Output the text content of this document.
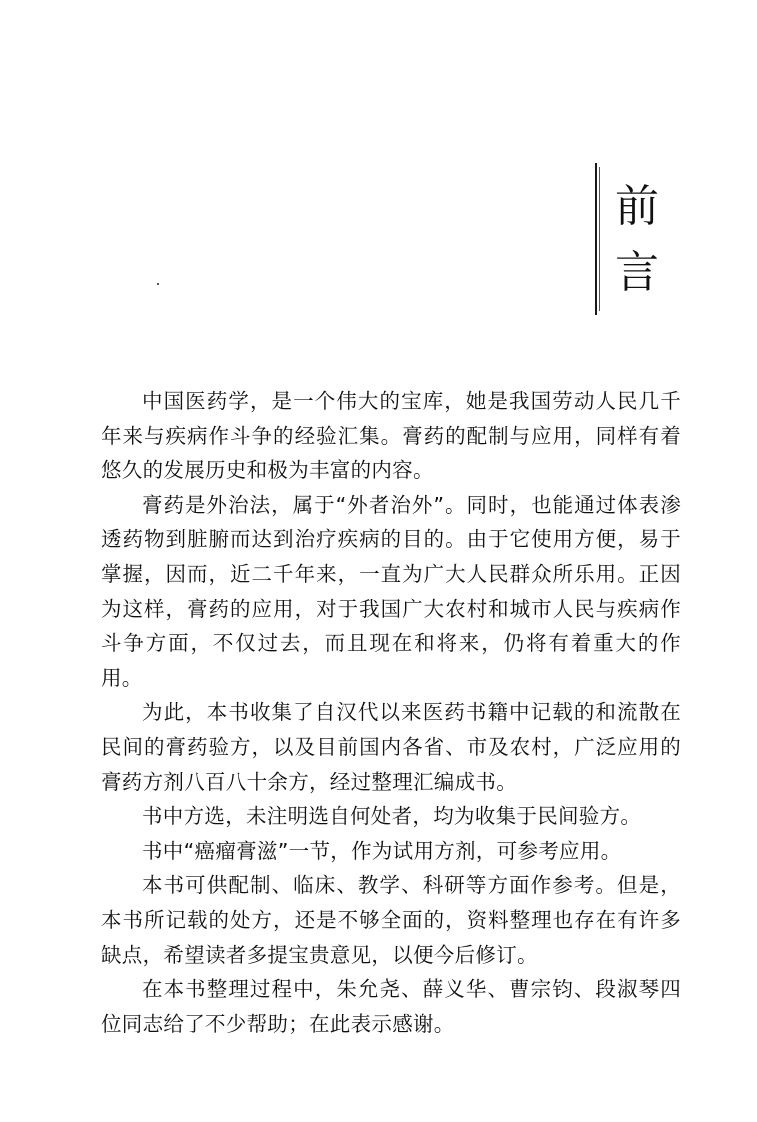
前
言

中国医药学，是一个伟大的宝库，她是我国劳动人民几千年来与疾病作斗争的经验汇集。膏药的配制与应用，同样有着悠久的发展历史和极为丰富的内容。

膏药是外治法，属于“外者治外”。同时，也能通过体表渗透药物到脏腑而达到治疗疾病的目的。由于它使用方便，易于掌握，因而，近二千年来，一直为广大人民群众所乐用。正因为这样，膏药的应用，对于我国广大农村和城市人民与疾病作斗争方面，不仅过去，而且现在和将来，仍将有着重大的作用。

为此，本书收集了自汉代以来医药书籍中记载的和流散在民间的膏药验方，以及目前国内各省、市及农村，广泛应用的膏药方剂八百八十余方，经过整理汇编成书。

书中方选，未注明选自何处者，均为收集于民间验方。

书中“癌瘤膏滋”一节，作为试用方剂，可参考应用。

本书可供配制、临床、教学、科研等方面作参考。但是，本书所记载的处方，还是不够全面的，资料整理也存在有许多缺点，希望读者多提宝贵意见，以便今后修订。

在本书整理过程中，朱允尧、薛义华、曹宗钧、段淑琴四位同志给了不少帮助；在此表示感谢。
